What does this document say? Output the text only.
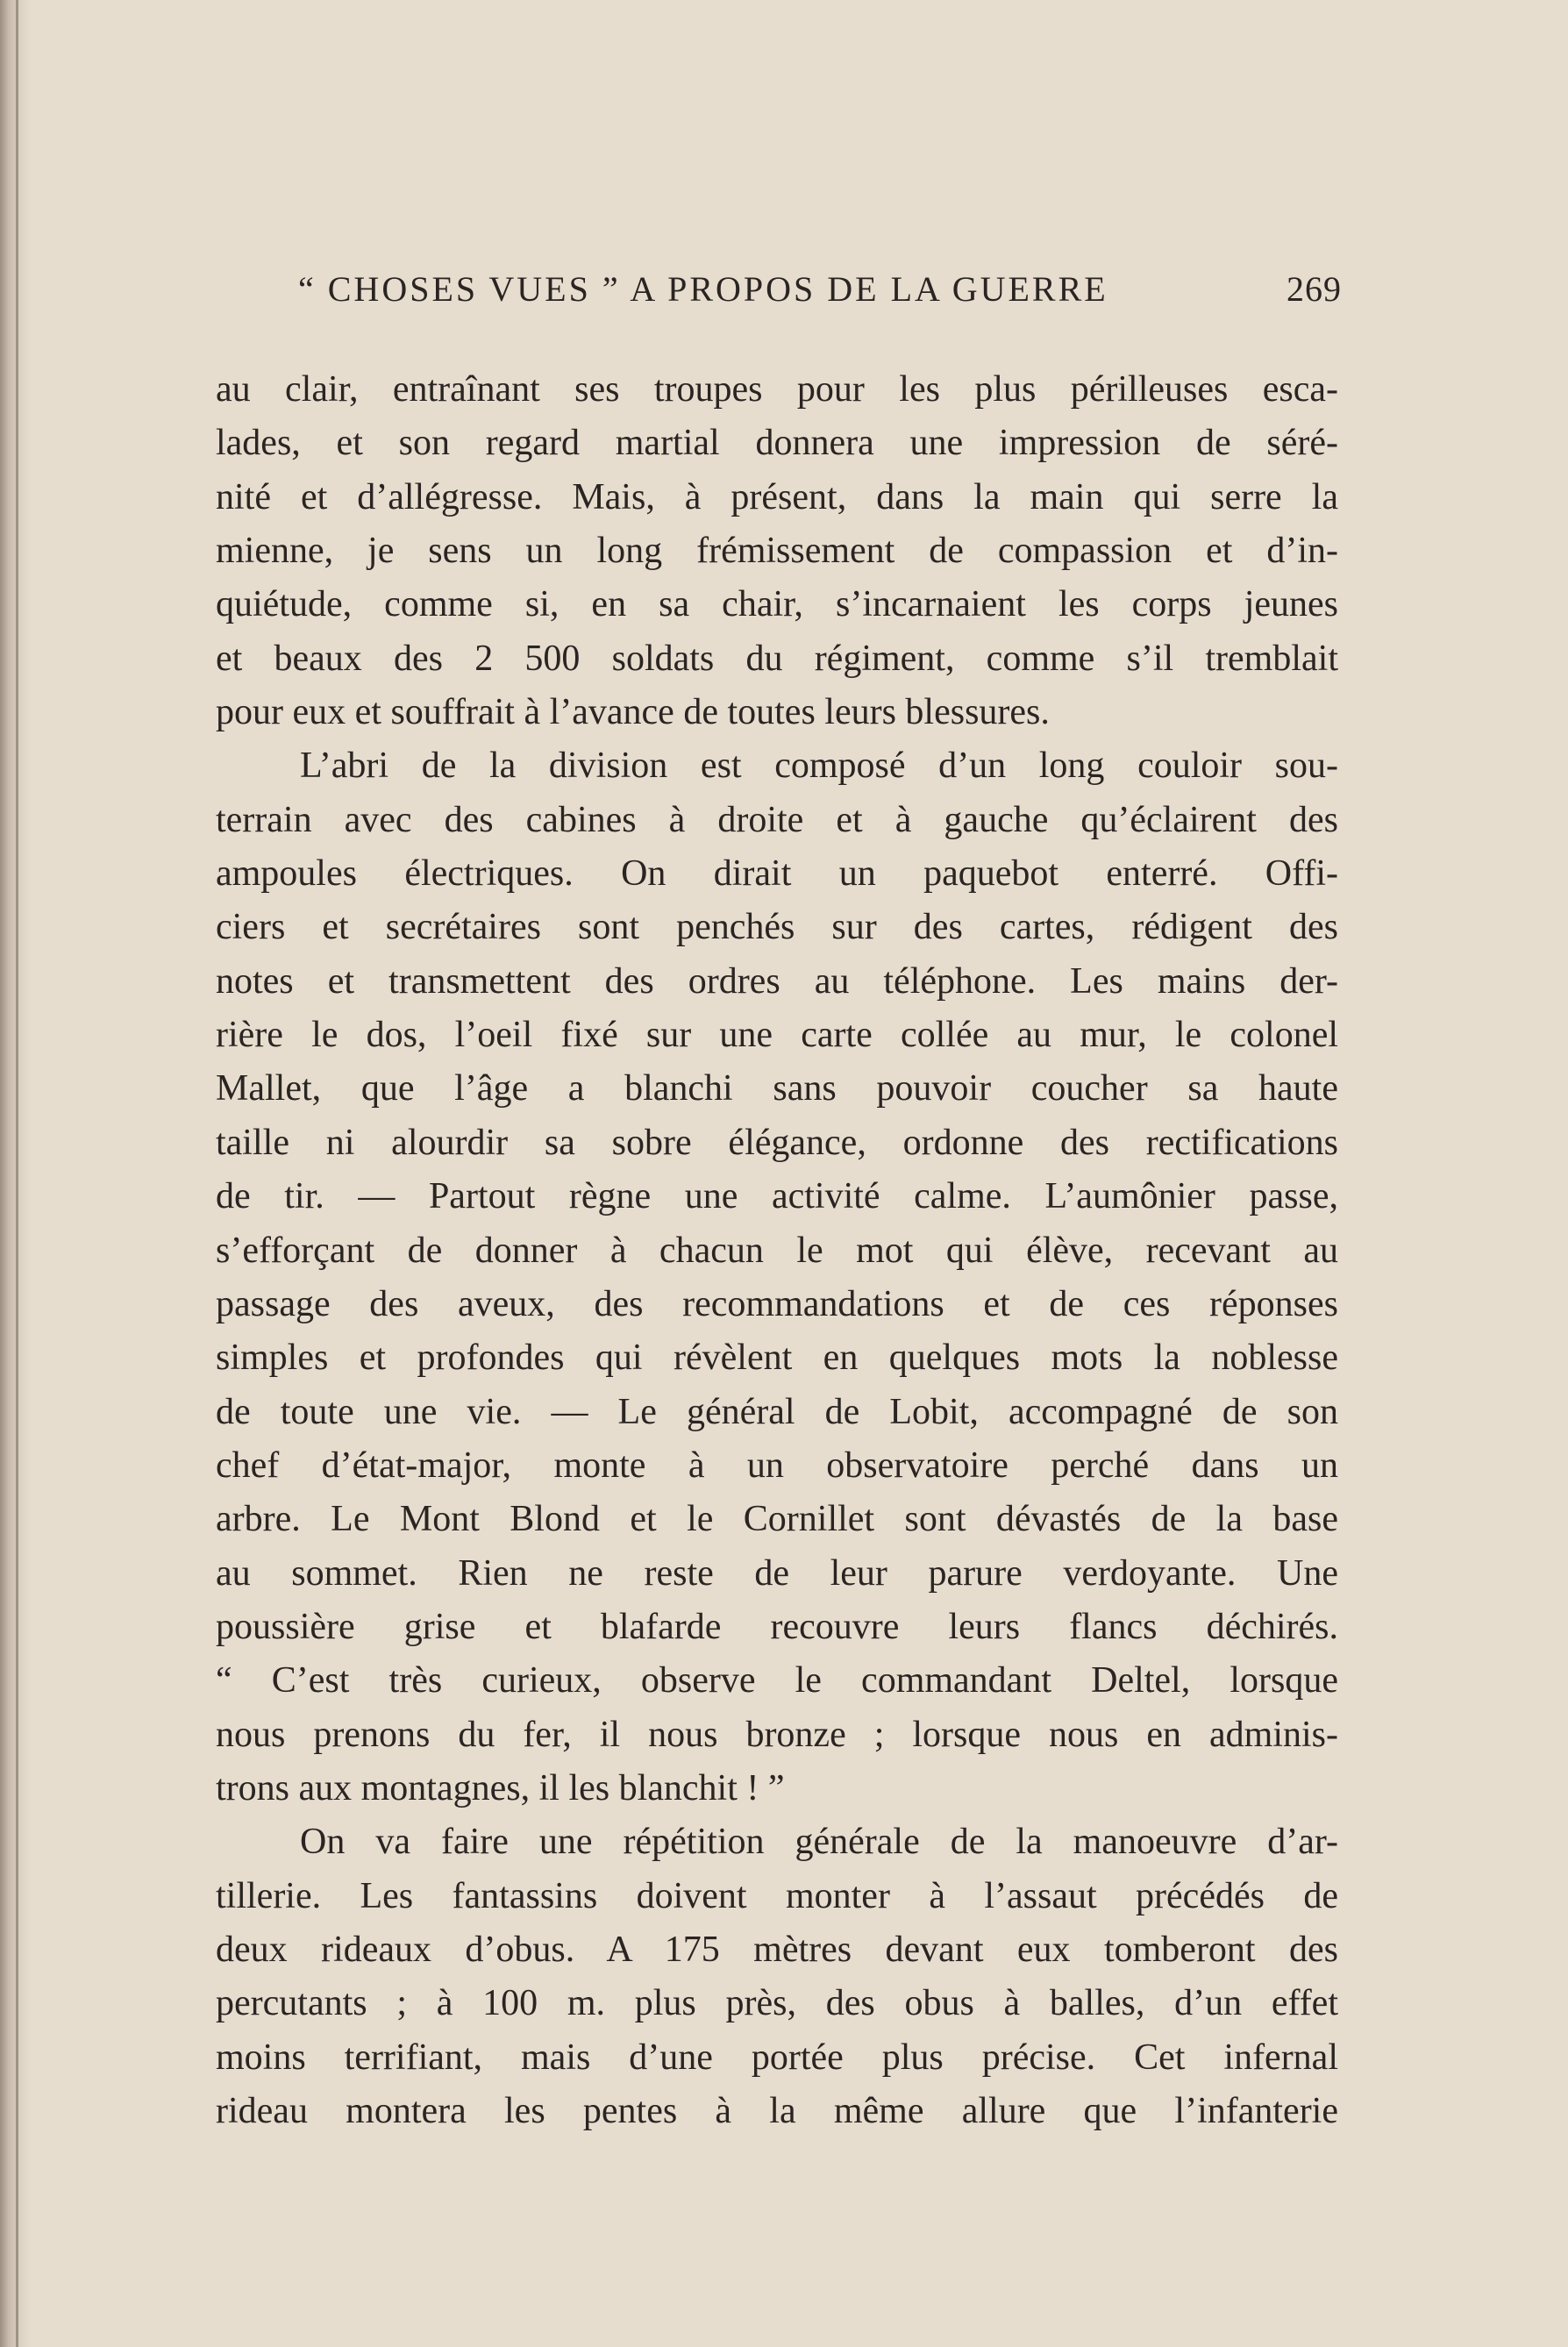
“ CHOSES VUES ” A PROPOS DE LA GUERRE	269
au clair, entraînant ses troupes pour les plus périlleuses esca-
lades, et son regard martial donnera une impression de séré-
nité et d’allégresse. Mais, à présent, dans la main qui serre la
mienne, je sens un long frémissement de compassion et d’in-
quiétude, comme si, en sa chair, s’incarnaient les corps jeunes
et beaux des 2 500 soldats du régiment, comme s’il tremblait
pour eux et souffrait à l’avance de toutes leurs blessures.
L’abri de la division est composé d’un long couloir sou-
terrain avec des cabines à droite et à gauche qu’éclairent des
ampoules électriques. On dirait un paquebot enterré. Offi-
ciers et secrétaires sont penchés sur des cartes, rédigent des
notes et transmettent des ordres au téléphone. Les mains der-
rière le dos, l’oeil fixé sur une carte collée au mur, le colonel
Mallet, que l’âge a blanchi sans pouvoir coucher sa haute
taille ni alourdir sa sobre élégance, ordonne des rectifications
de tir. — Partout règne une activité calme. L’aumônier passe,
s’efforçant de donner à chacun le mot qui élève, recevant au
passage des aveux, des recommandations et de ces réponses
simples et profondes qui révèlent en quelques mots la noblesse
de toute une vie. — Le général de Lobit, accompagné de son
chef d’état-major, monte à un observatoire perché dans un
arbre. Le Mont Blond et le Cornillet sont dévastés de la base
au sommet. Rien ne reste de leur parure verdoyante. Une
poussière grise et blafarde recouvre leurs flancs déchirés.
“ C’est très curieux, observe le commandant Deltel, lorsque
nous prenons du fer, il nous bronze ; lorsque nous en adminis-
trons aux montagnes, il les blanchit ! ”
On va faire une répétition générale de la manoeuvre d’ar-
tillerie. Les fantassins doivent monter à l’assaut précédés de
deux rideaux d’obus. A 175 mètres devant eux tomberont des
percutants ; à 100 m. plus près, des obus à balles, d’un effet
moins terrifiant, mais d’une portée plus précise. Cet infernal
rideau montera les pentes à la même allure que l’infanterie
